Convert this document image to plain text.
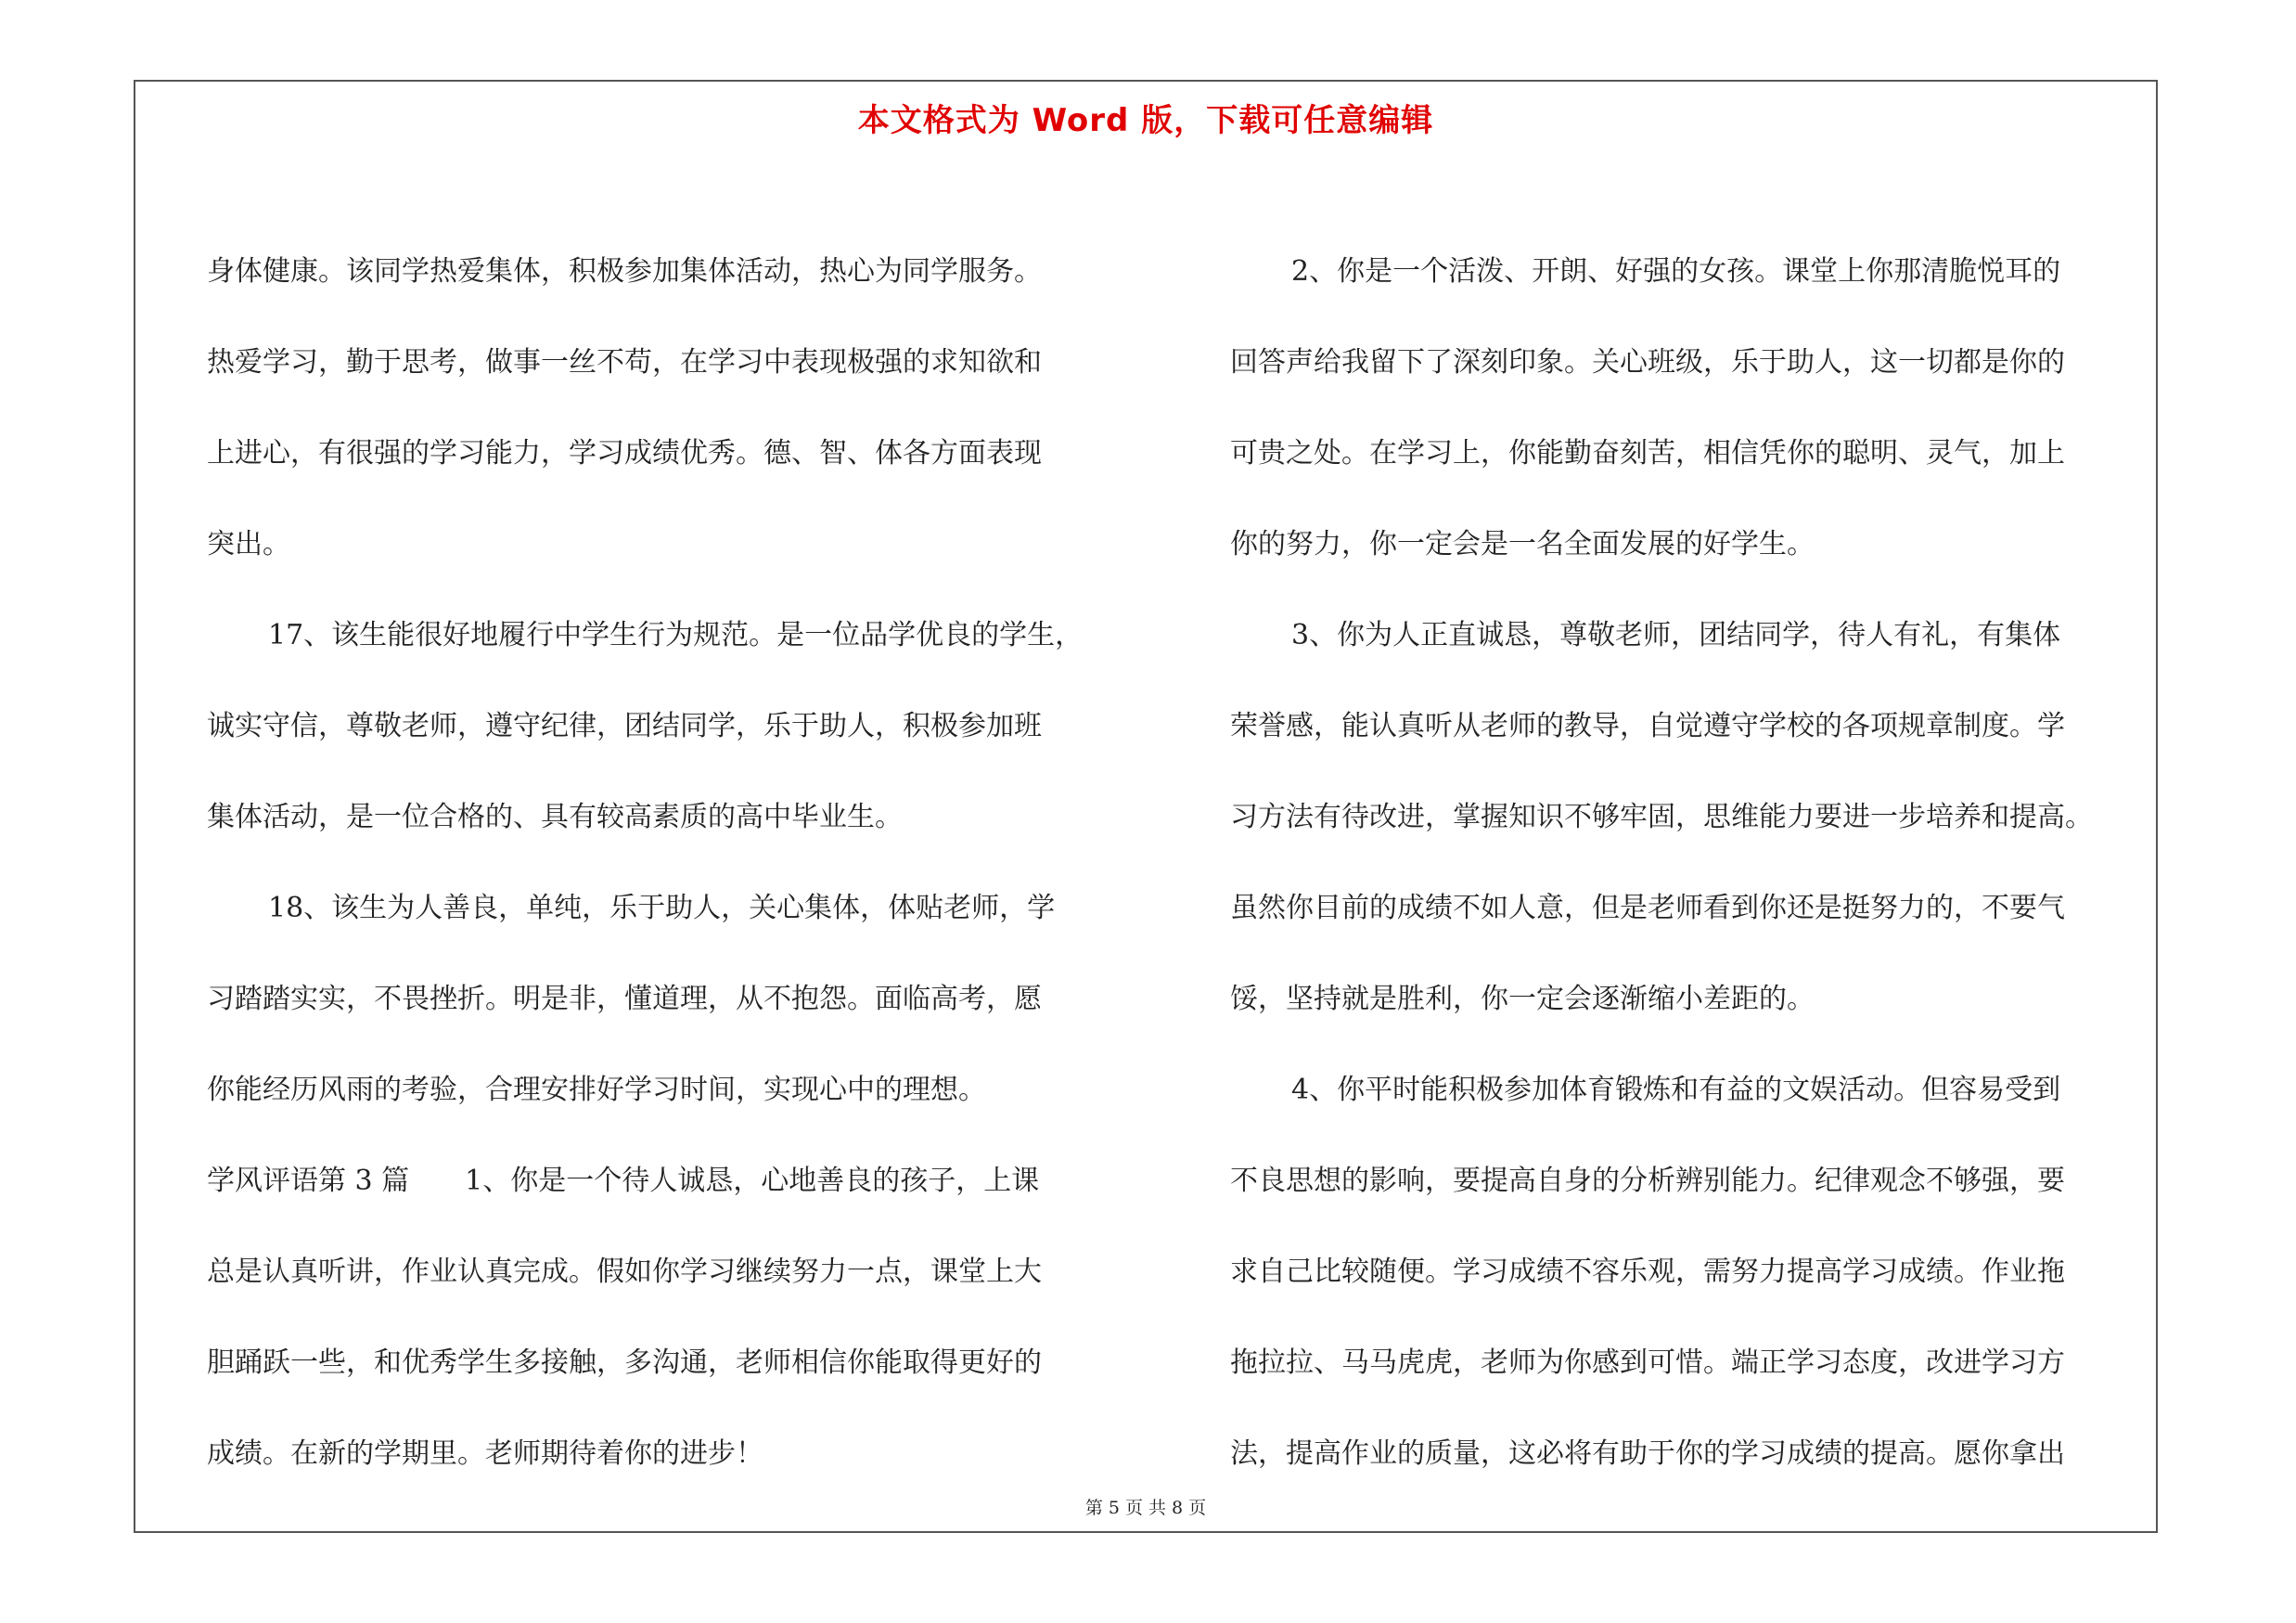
本文格式为 Word 版，下载可任意编辑
身体健康。该同学热爱集体，积极参加集体活动，热心为同学服务。
热爱学习，勤于思考，做事一丝不苟，在学习中表现极强的求知欲和
上进心，有很强的学习能力，学习成绩优秀。德、智、体各方面表现
突出。
17、该生能很好地履行中学生行为规范。是一位品学优良的学生，
诚实守信，尊敬老师，遵守纪律，团结同学，乐于助人，积极参加班
集体活动，是一位合格的、具有较高素质的高中毕业生。
18、该生为人善良，单纯，乐于助人，关心集体，体贴老师，学
习踏踏实实，不畏挫折。明是非，懂道理，从不抱怨。面临高考，愿
你能经历风雨的考验，合理安排好学习时间，实现心中的理想。
学风评语第 3 篇　　1、你是一个待人诚恳，心地善良的孩子，上课
总是认真听讲，作业认真完成。假如你学习继续努力一点，课堂上大
胆踊跃一些，和优秀学生多接触，多沟通，老师相信你能取得更好的
成绩。在新的学期里。老师期待着你的进步！
2、你是一个活泼、开朗、好强的女孩。课堂上你那清脆悦耳的
回答声给我留下了深刻印象。关心班级，乐于助人，这一切都是你的
可贵之处。在学习上，你能勤奋刻苦，相信凭你的聪明、灵气，加上
你的努力，你一定会是一名全面发展的好学生。
3、你为人正直诚恳，尊敬老师，团结同学，待人有礼，有集体
荣誉感，能认真听从老师的教导，自觉遵守学校的各项规章制度。学
习方法有待改进，掌握知识不够牢固，思维能力要进一步培养和提高。
虽然你目前的成绩不如人意，但是老师看到你还是挺努力的，不要气
馁，坚持就是胜利，你一定会逐渐缩小差距的。
4、你平时能积极参加体育锻炼和有益的文娱活动。但容易受到
不良思想的影响，要提高自身的分析辨别能力。纪律观念不够强，要
求自己比较随便。学习成绩不容乐观，需努力提高学习成绩。作业拖
拖拉拉、马马虎虎，老师为你感到可惜。端正学习态度，改进学习方
法，提高作业的质量，这必将有助于你的学习成绩的提高。愿你拿出
第 5 页 共 8 页
